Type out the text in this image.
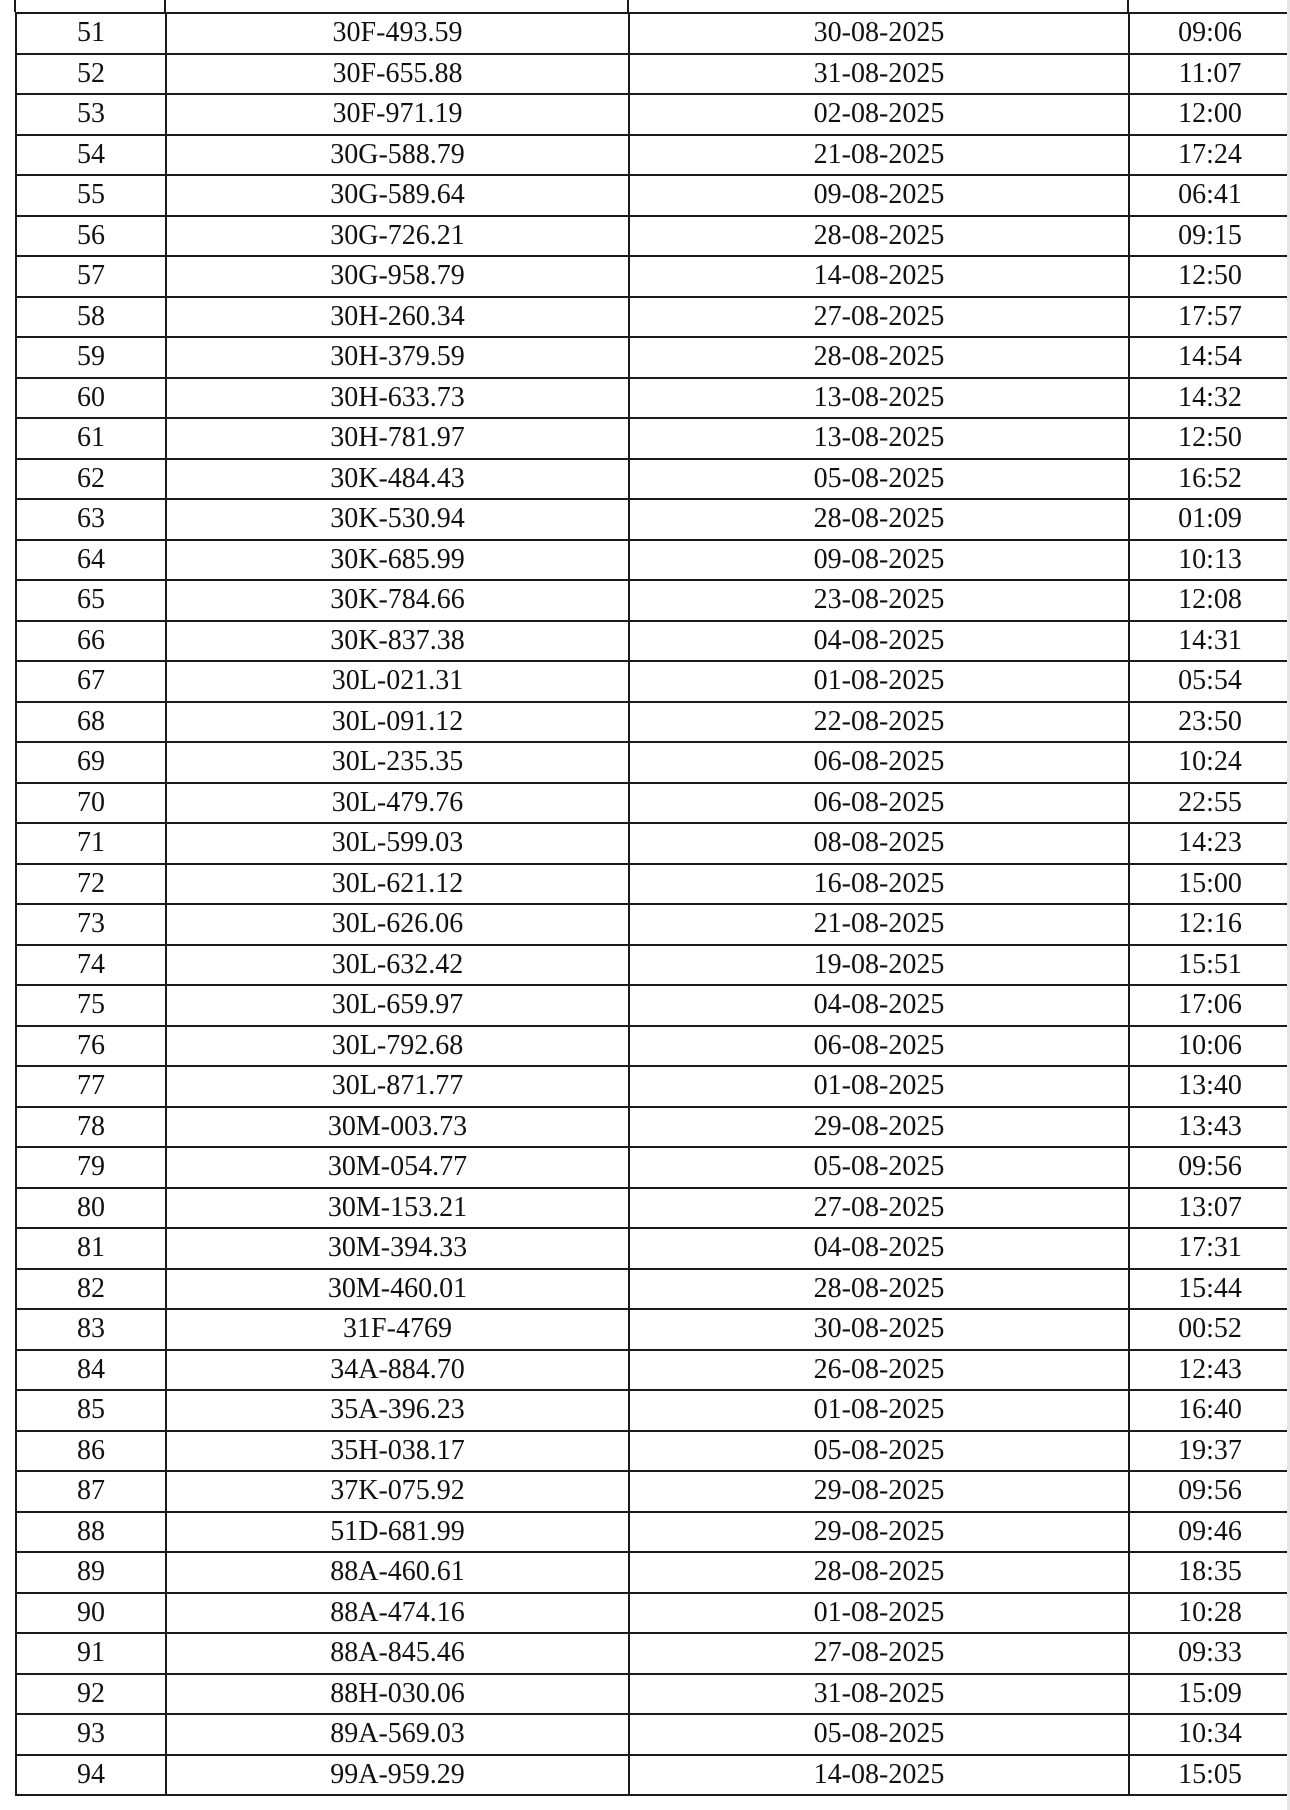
51	30F-493.59	30-08-2025	09:06
52	30F-655.88	31-08-2025	11:07
53	30F-971.19	02-08-2025	12:00
54	30G-588.79	21-08-2025	17:24
55	30G-589.64	09-08-2025	06:41
56	30G-726.21	28-08-2025	09:15
57	30G-958.79	14-08-2025	12:50
58	30H-260.34	27-08-2025	17:57
59	30H-379.59	28-08-2025	14:54
60	30H-633.73	13-08-2025	14:32
61	30H-781.97	13-08-2025	12:50
62	30K-484.43	05-08-2025	16:52
63	30K-530.94	28-08-2025	01:09
64	30K-685.99	09-08-2025	10:13
65	30K-784.66	23-08-2025	12:08
66	30K-837.38	04-08-2025	14:31
67	30L-021.31	01-08-2025	05:54
68	30L-091.12	22-08-2025	23:50
69	30L-235.35	06-08-2025	10:24
70	30L-479.76	06-08-2025	22:55
71	30L-599.03	08-08-2025	14:23
72	30L-621.12	16-08-2025	15:00
73	30L-626.06	21-08-2025	12:16
74	30L-632.42	19-08-2025	15:51
75	30L-659.97	04-08-2025	17:06
76	30L-792.68	06-08-2025	10:06
77	30L-871.77	01-08-2025	13:40
78	30M-003.73	29-08-2025	13:43
79	30M-054.77	05-08-2025	09:56
80	30M-153.21	27-08-2025	13:07
81	30M-394.33	04-08-2025	17:31
82	30M-460.01	28-08-2025	15:44
83	31F-4769	30-08-2025	00:52
84	34A-884.70	26-08-2025	12:43
85	35A-396.23	01-08-2025	16:40
86	35H-038.17	05-08-2025	19:37
87	37K-075.92	29-08-2025	09:56
88	51D-681.99	29-08-2025	09:46
89	88A-460.61	28-08-2025	18:35
90	88A-474.16	01-08-2025	10:28
91	88A-845.46	27-08-2025	09:33
92	88H-030.06	31-08-2025	15:09
93	89A-569.03	05-08-2025	10:34
94	99A-959.29	14-08-2025	15:05
